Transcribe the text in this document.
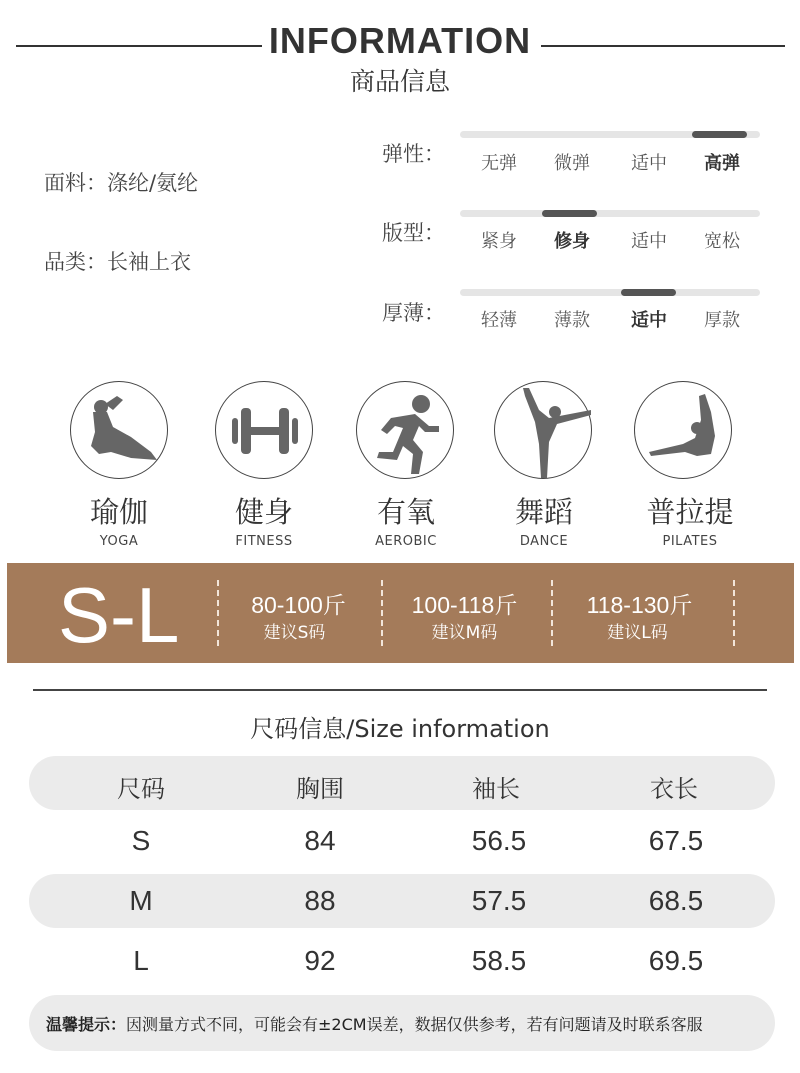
INFORMATION
商品信息
面料：涤纶/氨纶
品类：长袖上衣
弹性：	无弹	微弹	适中	高弹
版型：	紧身	修身	适中	宽松
厚薄：	轻薄	薄款	适中	厚款
瑜伽
YOGA
健身
FITNESS
有氧
AEROBIC
舞蹈
DANCE
普拉提
PILATES
S-L	80-100斤
建议S码
100-118斤
建议M码
118-130斤
建议L码
尺码信息/Size information
尺码	胸围	袖长	衣长
S	84	56.5	67.5
M	88	57.5	68.5
L	92	58.5	69.5
温馨提示：因测量方式不同，可能会有±2CM误差，数据仅供参考，若有问题请及时联系客服
